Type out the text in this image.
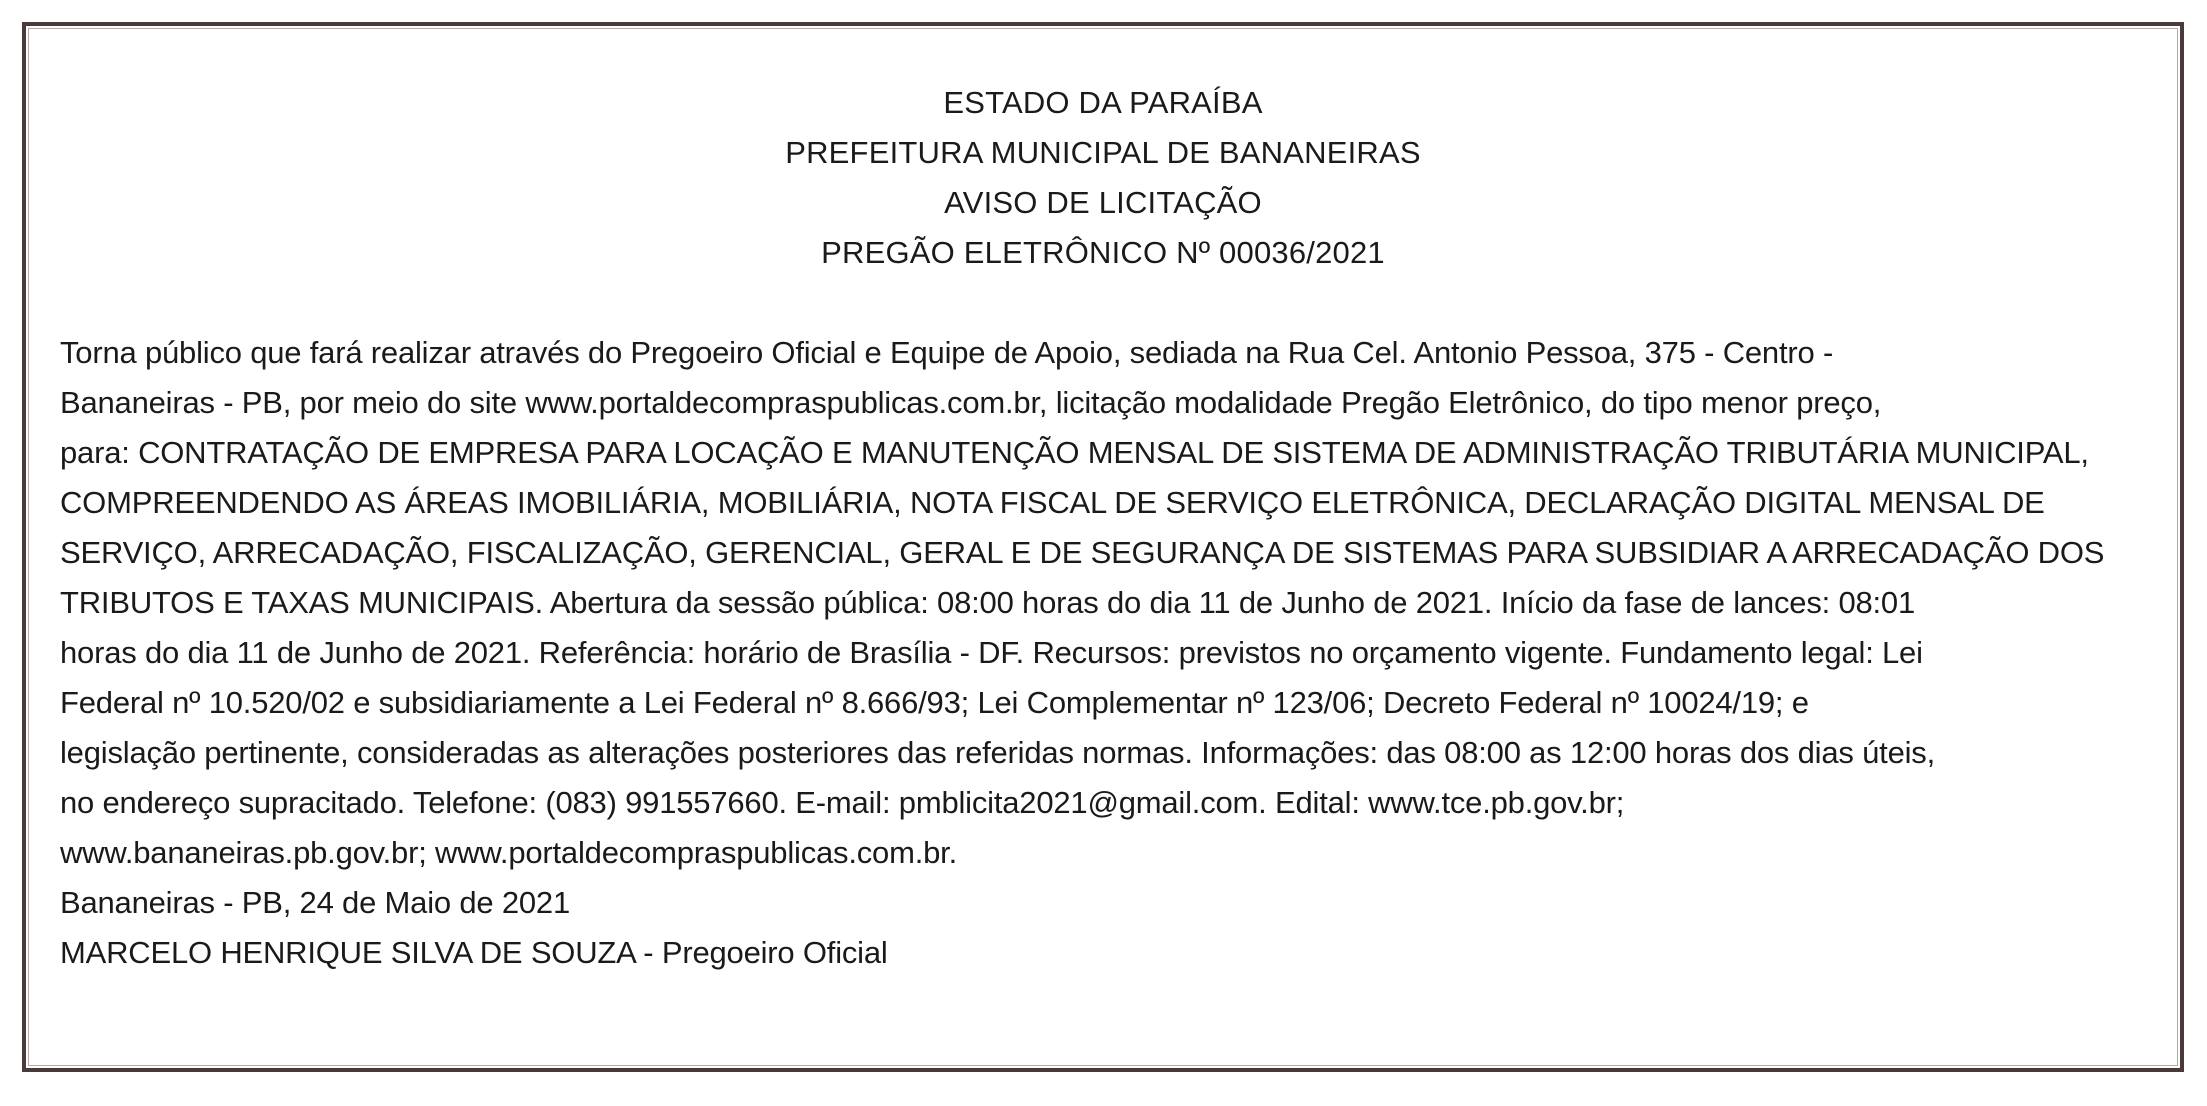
ESTADO DA PARAÍBA
PREFEITURA MUNICIPAL DE BANANEIRAS
AVISO DE LICITAÇÃO
PREGÃO ELETRÔNICO Nº 00036/2021
Torna público que fará realizar através do Pregoeiro Oficial e Equipe de Apoio, sediada na Rua Cel. Antonio Pessoa, 375 - Centro -
Bananeiras - PB, por meio do site www.portaldecompraspublicas.com.br, licitação modalidade Pregão Eletrônico, do tipo menor preço,
para: CONTRATAÇÃO DE EMPRESA PARA LOCAÇÃO E MANUTENÇÃO MENSAL DE SISTEMA DE ADMINISTRAÇÃO TRIBUTÁRIA MUNICIPAL,
COMPREENDENDO AS ÁREAS IMOBILIÁRIA, MOBILIÁRIA, NOTA FISCAL DE SERVIÇO ELETRÔNICA, DECLARAÇÃO DIGITAL MENSAL DE
SERVIÇO, ARRECADAÇÃO, FISCALIZAÇÃO, GERENCIAL, GERAL E DE SEGURANÇA DE SISTEMAS PARA SUBSIDIAR A ARRECADAÇÃO DOS
TRIBUTOS E TAXAS MUNICIPAIS. Abertura da sessão pública: 08:00 horas do dia 11 de Junho de 2021. Início da fase de lances: 08:01
horas do dia 11 de Junho de 2021. Referência: horário de Brasília - DF. Recursos: previstos no orçamento vigente. Fundamento legal: Lei
Federal nº 10.520/02 e subsidiariamente a Lei Federal nº 8.666/93; Lei Complementar nº 123/06; Decreto Federal nº 10024/19; e
legislação pertinente, consideradas as alterações posteriores das referidas normas. Informações: das 08:00 as 12:00 horas dos dias úteis,
no endereço supracitado. Telefone: (083) 991557660. E-mail: pmblicita2021@gmail.com. Edital: www.tce.pb.gov.br;
www.bananeiras.pb.gov.br; www.portaldecompraspublicas.com.br.
Bananeiras - PB, 24 de Maio de 2021
MARCELO HENRIQUE SILVA DE SOUZA - Pregoeiro Oficial
